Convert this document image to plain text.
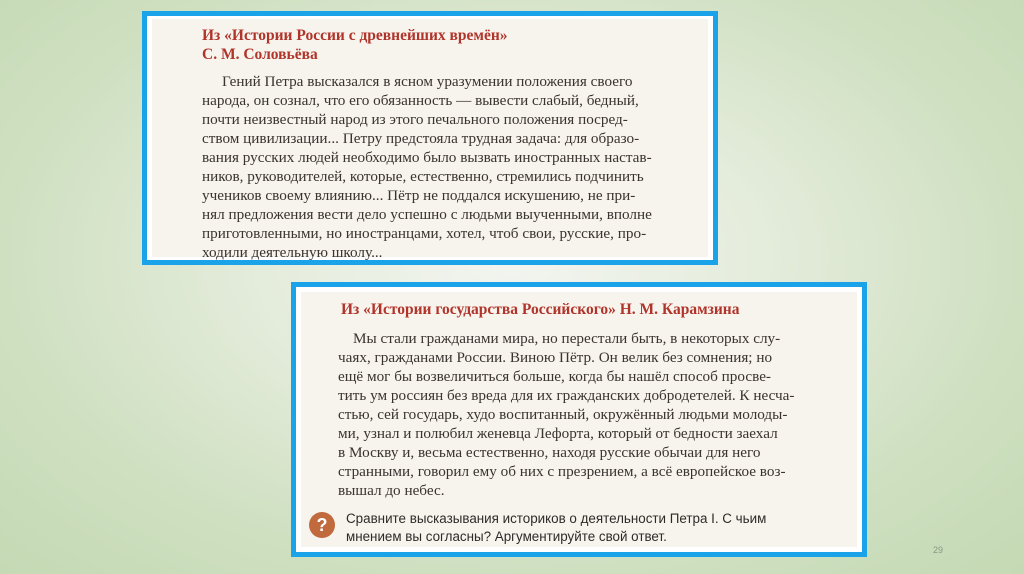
Из «Истории России с древнейших времён»
С. М. Соловьёва
Гений Петра высказался в ясном уразумении положения своего
народа, он сознал, что его обязанность — вывести слабый, бедный,
почти неизвестный народ из этого печального положения посред-
ством цивилизации... Петру предстояла трудная задача: для образо-
вания русских людей необходимо было вызвать иностранных настав-
ников, руководителей, которые, естественно, стремились подчинить
учеников своему влиянию... Пётр не поддался искушению, не при-
нял предложения вести дело успешно с людьми выученными, вполне
приготовленными, но иностранцами, хотел, чтоб свои, русские, про-
ходили деятельную школу...
Из «Истории государства Российского» Н. М. Карамзина
Мы стали гражданами мира, но перестали быть, в некоторых слу-
чаях, гражданами России. Виною Пётр. Он велик без сомнения; но
ещё мог бы возвеличиться больше, когда бы нашёл способ просве-
тить ум россиян без вреда для их гражданских добродетелей. К несча-
стью, сей государь, худо воспитанный, окружённый людьми молоды-
ми, узнал и полюбил женевца Лефорта, который от бедности заехал
в Москву и, весьма естественно, находя русские обычаи для него
странными, говорил ему об них с презрением, а всё европейское воз-
вышал до небес.
?	Сравните высказывания историков о деятельности Петра I. С чьим
мнением вы согласны? Аргументируйте свой ответ.
29
